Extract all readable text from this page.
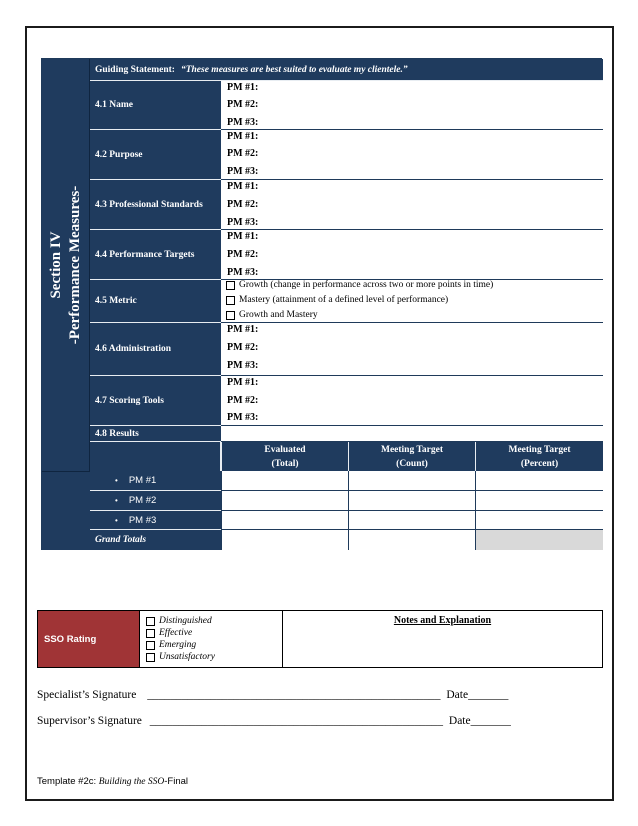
Section IV -Performance Measures-
Guiding Statement: “These measures are best suited to evaluate my clientele.”
4.1 Name
PM #1:
PM #2:
PM #3:
4.2 Purpose
PM #1:
PM #2:
PM #3:
4.3 Professional Standards
PM #1:
PM #2:
PM #3:
4.4 Performance Targets
PM #1:
PM #2:
PM #3:
4.5 Metric
Growth (change in performance across two or more points in time)
Mastery (attainment of a defined level of performance)
Growth and Mastery
4.6 Administration
PM #1:
PM #2:
PM #3:
4.7 Scoring Tools
PM #1:
PM #2:
PM #3:
4.8 Results
Evaluated
(Total)
Meeting Target
(Count)
Meeting Target
(Percent)
• PM #1
• PM #2
• PM #3
Grand Totals
SSO Rating
Distinguished
Effective
Emerging
Unsatisfactory
Notes and Explanation
Specialist’s Signature ___________________________________________________ Date_______
Supervisor’s Signature ___________________________________________________ Date_______
Template #2c: Building the SSO-Final
